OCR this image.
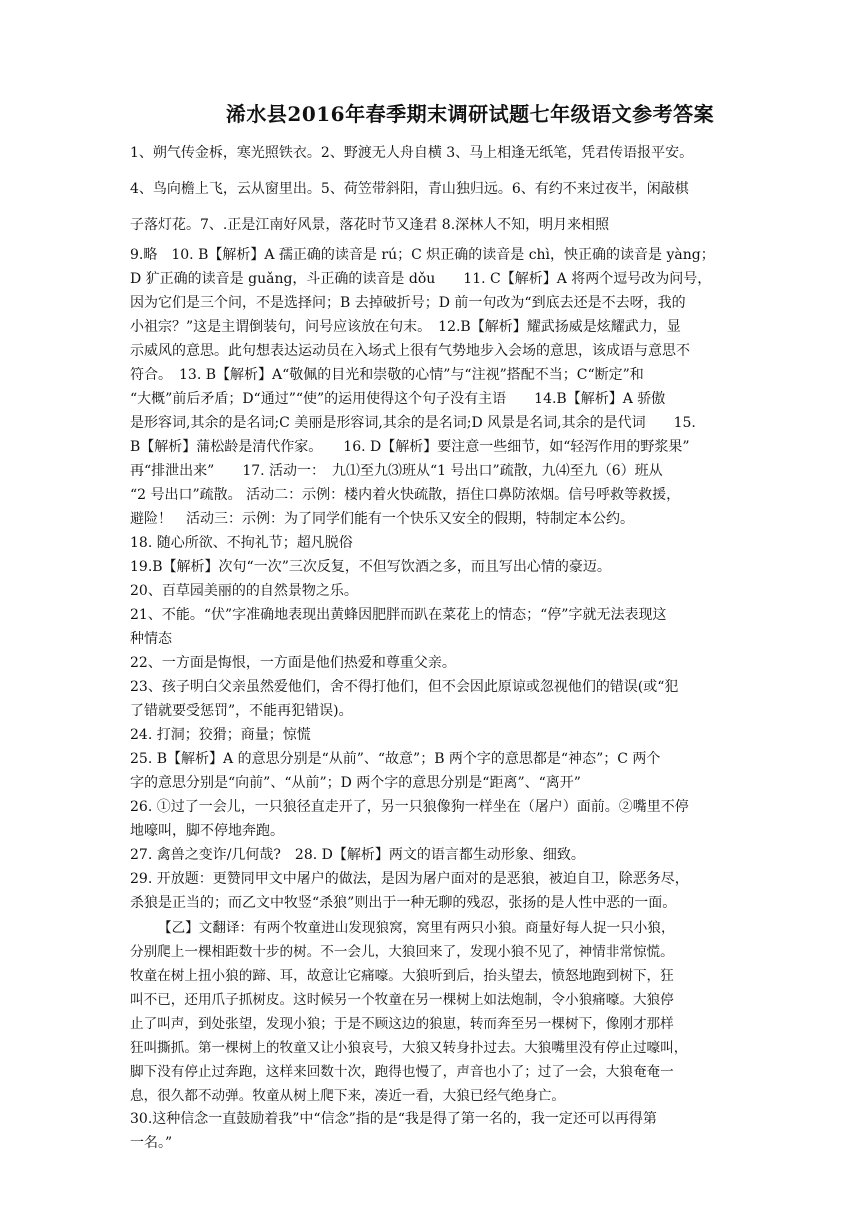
浠水县2016年春季期末调研试题七年级语文参考答案
1、朔气传金柝，寒光照铁衣。2、野渡无人舟自横 3、马上相逢无纸笔，凭君传语报平安。
4、鸟向檐上飞，云从窗里出。5、荷笠带斜阳，青山独归远。6、有约不来过夜半，闲敲棋
子落灯花。7、.正是江南好风景，落花时节又逢君 8.深林人不知，明月来相照
9.略　10. B【解析】A 孺正确的读音是 rú；C 炽正确的读音是 chì，怏正确的读音是 yàng；
D 犷正确的读音是 guǎng，斗正确的读音是 dǒu　　11. C【解析】A 将两个逗号改为问号，
因为它们是三个问，不是选择问；B 去掉破折号；D 前一句改为“到底去还是不去呀，我的
小祖宗？”这是主谓倒装句，问号应该放在句末。　12.B【解析】耀武扬威是炫耀武力，显
示威风的意思。此句想表达运动员在入场式上很有气势地步入会场的意思，该成语与意思不
符合。　13. B【解析】A“敬佩的目光和崇敬的心情”与“注视”搭配不当；C“断定”和
“大概”前后矛盾；D“通过”“使”的运用使得这个句子没有主语　　14.B【解析】A 骄傲
是形容词,其余的是名词;C 美丽是形容词,其余的是名词;D 风景是名词,其余的是代词　　15.
B【解析】蒲松龄是清代作家。　　16. D【解析】要注意一些细节，如“轻泻作用的野浆果”
再“排泄出来”　　17. 活动一：　九⑴至九⑶班从“1 号出口”疏散，九⑷至九（6）班从
“2 号出口”疏散。 活动二：示例：楼内着火快疏散，捂住口鼻防浓烟。信号呼救等救援，
避险！　活动三：示例：为了同学们能有一个快乐又安全的假期，特制定本公约。
18. 随心所欲、不拘礼节；超凡脱俗
19.B【解析】次句“一次”三次反复，不但写饮酒之多，而且写出心情的豪迈。
20、百草园美丽的的自然景物之乐。
21、不能。“伏”字准确地表现出黄蜂因肥胖而趴在菜花上的情态；“停”字就无法表现这
种情态
22、一方面是悔恨，一方面是他们热爱和尊重父亲。
23、孩子明白父亲虽然爱他们，舍不得打他们，但不会因此原谅或忽视他们的错误(或“犯
了错就要受惩罚”，不能再犯错误)。
24. 打洞；狡猾；商量；惊慌
25. B【解析】A 的意思分别是“从前”、“故意”；B 两个字的意思都是“神态”；C 两个
字的意思分别是“向前”、“从前”；D 两个字的意思分别是“距离”、“离开”
26. ①过了一会儿，一只狼径直走开了，另一只狼像狗一样坐在（屠户）面前。②嘴里不停
地嚎叫，脚不停地奔跑。
27. 禽兽之变诈/几何哉?　28. D【解析】两文的语言都生动形象、细致。
29. 开放题：更赞同甲文中屠户的做法，是因为屠户面对的是恶狼，被迫自卫，除恶务尽，
杀狼是正当的；而乙文中牧竖“杀狼”则出于一种无聊的残忍，张扬的是人性中恶的一面。
【乙】文翻译：有两个牧童进山发现狼窝，窝里有两只小狼。商量好每人捉一只小狼，
分别爬上一棵相距数十步的树。不一会儿，大狼回来了，发现小狼不见了，神情非常惊慌。
牧童在树上扭小狼的蹄、耳，故意让它痛嚎。大狼听到后，抬头望去，愤怒地跑到树下，狂
叫不已，还用爪子抓树皮。这时候另一个牧童在另一棵树上如法炮制，令小狼痛嚎。大狼停
止了叫声，到处张望，发现小狼；于是不顾这边的狼崽，转而奔至另一棵树下，像刚才那样
狂叫撕抓。第一棵树上的牧童又让小狼哀号，大狼又转身扑过去。大狼嘴里没有停止过嚎叫，
脚下没有停止过奔跑，这样来回数十次，跑得也慢了，声音也小了；过了一会，大狼奄奄一
息，很久都不动弹。牧童从树上爬下来，凑近一看，大狼已经气绝身亡。
30.这种信念一直鼓励着我”中“信念”指的是“我是得了第一名的，我一定还可以再得第
一名。”
